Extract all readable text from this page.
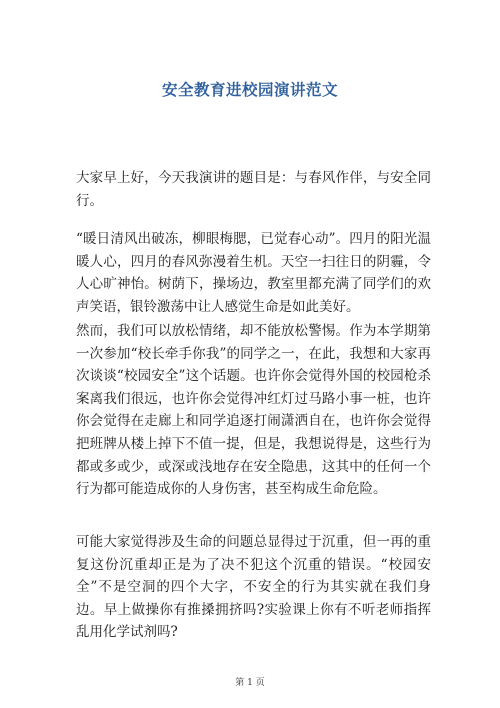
安全教育进校园演讲范文

大家早上好，今天我演讲的题目是：与春风作伴，与安全同行。

“暖日清风出破冻，柳眼梅腮，已觉春心动”。四月的阳光温暖人心，四月的春风弥漫着生机。天空一扫往日的阴霾，令人心旷神怡。树荫下，操场边，教室里都充满了同学们的欢声笑语，银铃激荡中让人感觉生命是如此美好。

然而，我们可以放松情绪，却不能放松警惕。作为本学期第一次参加“校长牵手你我”的同学之一，在此，我想和大家再次谈谈“校园安全”这个话题。也许你会觉得外国的校园枪杀案离我们很远，也许你会觉得冲红灯过马路小事一桩，也许你会觉得在走廊上和同学追逐打闹潇洒自在，也许你会觉得把班牌从楼上掉下不值一提，但是，我想说得是，这些行为都或多或少，或深或浅地存在安全隐患，这其中的任何一个行为都可能造成你的人身伤害，甚至构成生命危险。

可能大家觉得涉及生命的问题总显得过于沉重，但一再的重复这份沉重却正是为了决不犯这个沉重的错误。“校园安全”不是空洞的四个大字，不安全的行为其实就在我们身边。早上做操你有推搡拥挤吗?实验课上你有不听老师指挥乱用化学试剂吗?

第 1 页
